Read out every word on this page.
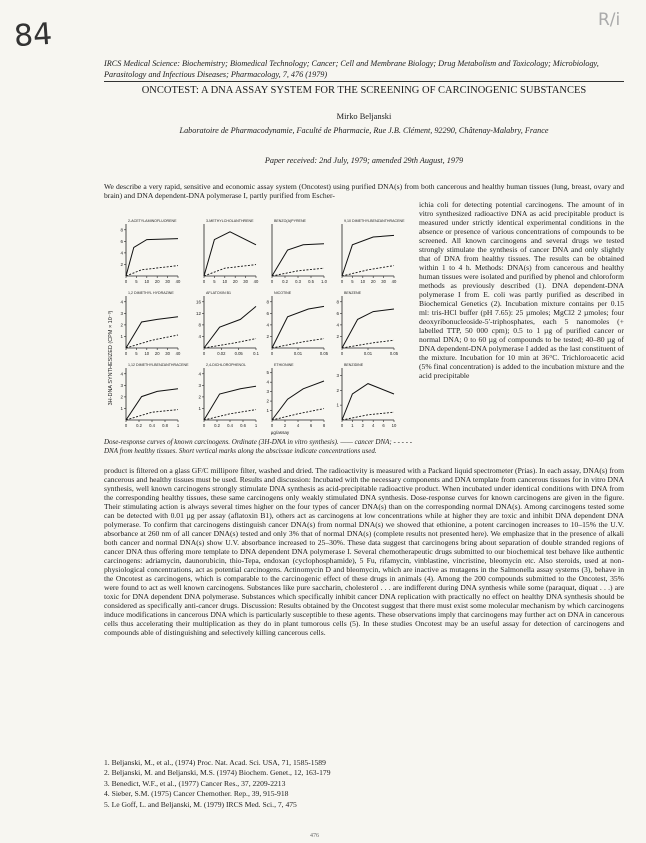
84	R/i
IRCS Medical Science: Biochemistry; Biomedical Technology; Cancer; Cell and Membrane Biology; Drug Metabolism and Toxicology; Microbiology, Parasitology and Infectious Diseases; Pharmacology, 7, 476 (1979)
ONCOTEST: A DNA ASSAY SYSTEM FOR THE SCREENING OF CARCINOGENIC SUBSTANCES
Mirko Beljanski
Laboratoire de Pharmacodynamie, Faculté de Pharmacie, Rue J.B. Clément, 92290, Châtenay-Malabry, France
Paper received: 2nd July, 1979; amended 29th August, 1979
We describe a very rapid, sensitive and economic assay system (Oncotest) using purified DNA(s) from both cancerous and healthy human tissues (lung, breast, ovary and brain) and DNA dependent-DNA polymerase I, partly purified from Escher-
3H-DNA SYNTHESIZED (CPM × 10⁻³)
2-ACETYLAMINOFLUORENE
8
6
4
2
0 5 10 20 30 40
3-METHYLCHOLANTHRENE
0 5 10 20 30 40
BENZO(A)PYRENE
0 0.2 0.3 0.5 1.0
9,10 DIMETHYLBENZANTHRACENE
0 5 10 20 30 40
1,2 DIMETHYL HYDRAZINE
4
3
2
1
0 5 10 20 30 40
AFLATOXIN B1
16
12
8
4
0	0.02 0.05 0.1
NICOTINE
8
6
4
2
0	0.01	0.05
BENZENE
8
6
4
2
0	0.01	0.05
1,12 DIMETHYLBENZANTHRACENE
4
3
2
1
0 0.2 0.4 0.8 1
2,4-DICHLOROPHENOL
4
3
2
1
0 0.2 0.4 0.6 1
ETHIONINE
5
4
3
2
1
0	2	4	6	8
BENZIDINE
3
2
1
0 1 2 4 6 10
µg/assay
Dose-response curves of known carcinogens. Ordinate (3H-DNA in vitro synthesis). —— cancer DNA; - - - - - DNA from healthy tissues. Short vertical marks along the abscissae indicate concentrations used.
ichia coli for detecting potential carcinogens. The amount of in vitro synthesized radioactive DNA as acid precipitable product is measured under strictly identical experimental conditions in the absence or presence of various concentrations of compounds to be screened. All known carcinogens and several drugs we tested strongly stimulate the synthesis of cancer DNA and only slightly that of DNA from healthy tissues. The results can be obtained within 1 to 4 h. Methods: DNA(s) from cancerous and healthy human tissues were isolated and purified by phenol and chloroform methods as previously described (1). DNA dependent-DNA polymerase I from E. coli was partly purified as described in Biochemical Genetics (2). Incubation mixture contains per 0.15 ml: tris-HCl buffer (pH 7.65): 25 µmoles; MgCl2 2 µmoles; four deoxyribonucleoside-5'-triphosphates, each 5 nanomoles (+ labelled TTP, 50 000 cpm); 0.5 to 1 µg of purified cancer or normal DNA; 0 to 60 µg of compounds to be tested; 40–80 µg of DNA dependent-DNA polymerase I added as the last constituent of the mixture. Incubation for 10 min at 36°C. Trichloroacetic acid (5% final concentration) is added to the incubation mixture and the acid precipitable
product is filtered on a glass GF/C millipore filter, washed and dried. The radioactivity is measured with a Packard liquid spectrometer (Prias). In each assay, DNA(s) from cancerous and healthy tissues must be used. Results and discussion: Incubated with the necessary components and DNA template from cancerous tissues for in vitro DNA synthesis, well known carcinogens strongly stimulate DNA synthesis as acid-precipitable radioactive product. When incubated under identical conditions with DNA from the corresponding healthy tissues, these same carcinogens only weakly stimulated DNA synthesis. Dose-response curves for known carcinogens are given in the figure. Their stimulating action is always several times higher on the four types of cancer DNA(s) than on the corresponding normal DNA(s). Among carcinogens tested some can be detected with 0.01 µg per assay (aflatoxin B1), others act as carcinogens at low concentrations while at higher they are toxic and inhibit DNA dependent DNA polymerase. To confirm that carcinogens distinguish cancer DNA(s) from normal DNA(s) we showed that ethionine, a potent carcinogen increases to 10–15% the U.V. absorbance at 260 nm of all cancer DNA(s) tested and only 3% that of normal DNA(s) (complete results not presented here). We emphasize that in the presence of alkali both cancer and normal DNA(s) show U.V. absorbance increased to 25–30%. These data suggest that carcinogens bring about separation of double stranded regions of cancer DNA thus offering more template to DNA dependent DNA polymerase I. Several chemotherapeutic drugs submitted to our biochemical test behave like authentic carcinogens: adriamycin, daunorubicin, thio-Tepa, endoxan (cyclophosphamide), 5 Fu, rifamycin, vinblastine, vincristine, bleomycin etc. Also steroids, used at non-physiological concentrations, act as potential carcinogens. Actinomycin D and bleomycin, which are inactive as mutagens in the Salmonella assay systems (3), behave in the Oncotest as carcinogens, which is comparable to the carcinogenic effect of these drugs in animals (4). Among the 200 compounds submitted to the Oncotest, 35% were found to act as well known carcinogens. Substances like pure saccharin, cholesterol . . . are indifferent during DNA synthesis while some (paraquat, diquat . . .) are toxic for DNA dependent DNA polymerase. Substances which specifically inhibit cancer DNA replication with practically no effect on healthy DNA synthesis should be considered as specifically anti-cancer drugs. Discussion: Results obtained by the Oncotest suggest that there must exist some molecular mechanism by which carcinogens induce modifications in cancerous DNA which is particularly susceptible to these agents. These observations imply that carcinogens may further act on DNA in cancerous cells thus accelerating their multiplication as they do in plant tumorous cells (5). In these studies Oncotest may be an useful assay for detection of carcinogens and compounds able of distinguishing and selectively killing cancerous cells.
1. Beljanski, M., et al., (1974) Proc. Nat. Acad. Sci. USA, 71, 1585-1589
2. Beljanski, M. and Beljanski, M.S. (1974) Biochem. Genet., 12, 163-179
3. Benedict, W.F., et al., (1977) Cancer Res., 37, 2209-2213
4. Sieber, S.M. (1975) Cancer Chemother. Rep., 39, 915-918
5. Le Goff, L. and Beljanski, M. (1979) IRCS Med. Sci., 7, 475
476
